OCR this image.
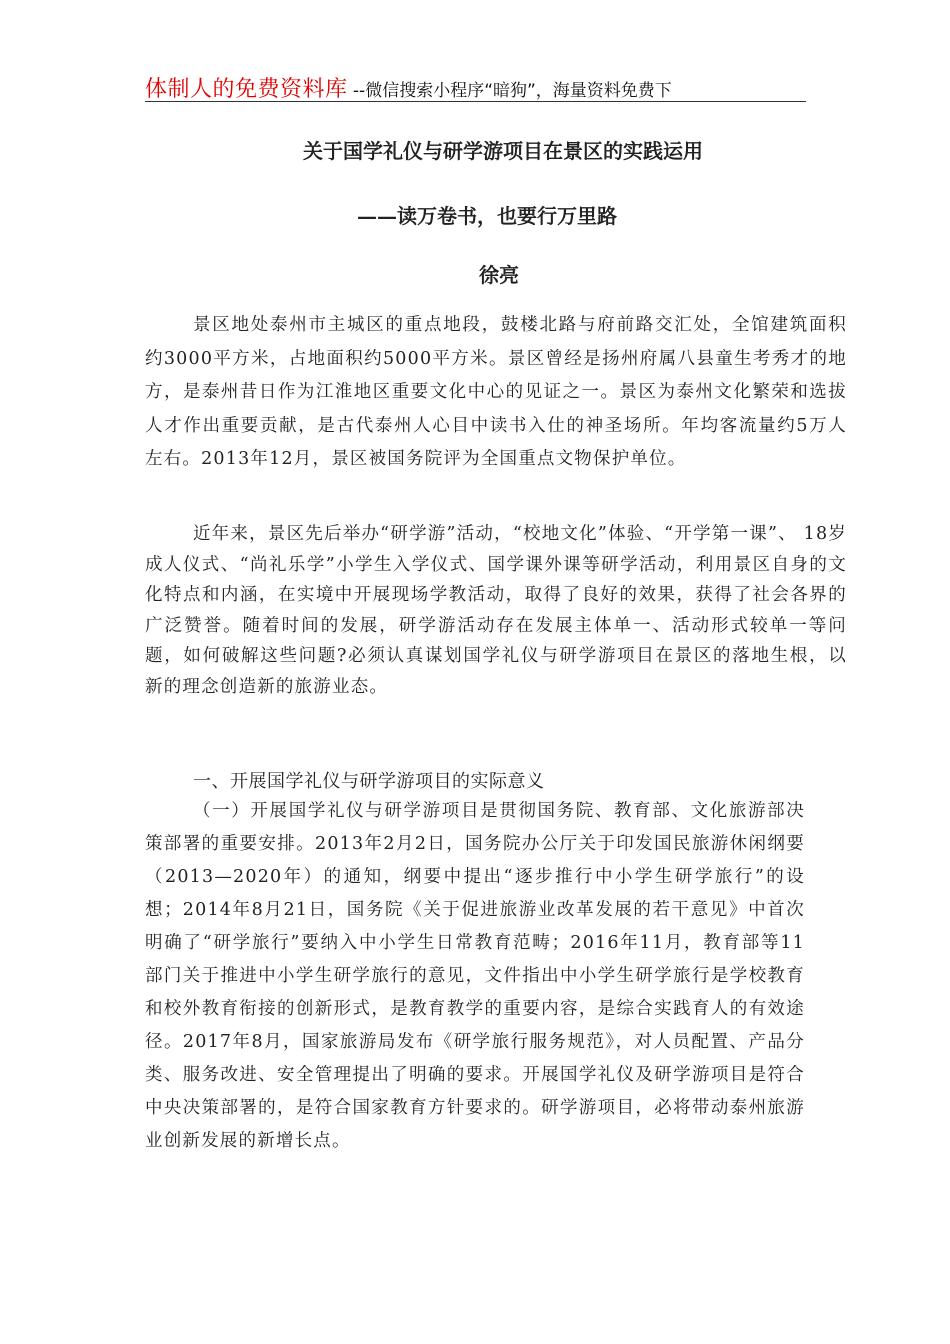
体制人的免费资料库 --微信搜索小程序“暗狗”，海量资料免费下
关于国学礼仪与研学游项目在景区的实践运用
——读万卷书，也要行万里路
徐亮

景区地处泰州市主城区的重点地段，鼓楼北路与府前路交汇处，全馆建筑面积约3000平方米，占地面积约5000平方米。景区曾经是扬州府属八县童生考秀才的地方，是泰州昔日作为江淮地区重要文化中心的见证之一。景区为泰州文化繁荣和选拔人才作出重要贡献，是古代泰州人心目中读书入仕的神圣场所。年均客流量约5万人左右。2013年12月，景区被国务院评为全国重点文物保护单位。

近年来，景区先后举办“研学游”活动，“校地文化”体验、“开学第一课”、 18岁成人仪式、“尚礼乐学”小学生入学仪式、国学课外课等研学活动，利用景区自身的文化特点和内涵，在实境中开展现场学教活动，取得了良好的效果，获得了社会各界的广泛赞誉。随着时间的发展，研学游活动存在发展主体单一、活动形式较单一等问题，如何破解这些问题?必须认真谋划国学礼仪与研学游项目在景区的落地生根，以新的理念创造新的旅游业态。

一、开展国学礼仪与研学游项目的实际意义

（一）开展国学礼仪与研学游项目是贯彻国务院、教育部、文化旅游部决策部署的重要安排。2013年2月2日，国务院办公厅关于印发国民旅游休闲纲要（2013—2020年）的通知，纲要中提出“逐步推行中小学生研学旅行”的设想；2014年8月21日，国务院《关于促进旅游业改革发展的若干意见》中首次明确了“研学旅行”要纳入中小学生日常教育范畴；2016年11月，教育部等11部门关于推进中小学生研学旅行的意见，文件指出中小学生研学旅行是学校教育和校外教育衔接的创新形式，是教育教学的重要内容，是综合实践育人的有效途径。2017年8月，国家旅游局发布《研学旅行服务规范》，对人员配置、产品分类、服务改进、安全管理提出了明确的要求。开展国学礼仪及研学游项目是符合中央决策部署的，是符合国家教育方针要求的。研学游项目，必将带动泰州旅游业创新发展的新增长点。
